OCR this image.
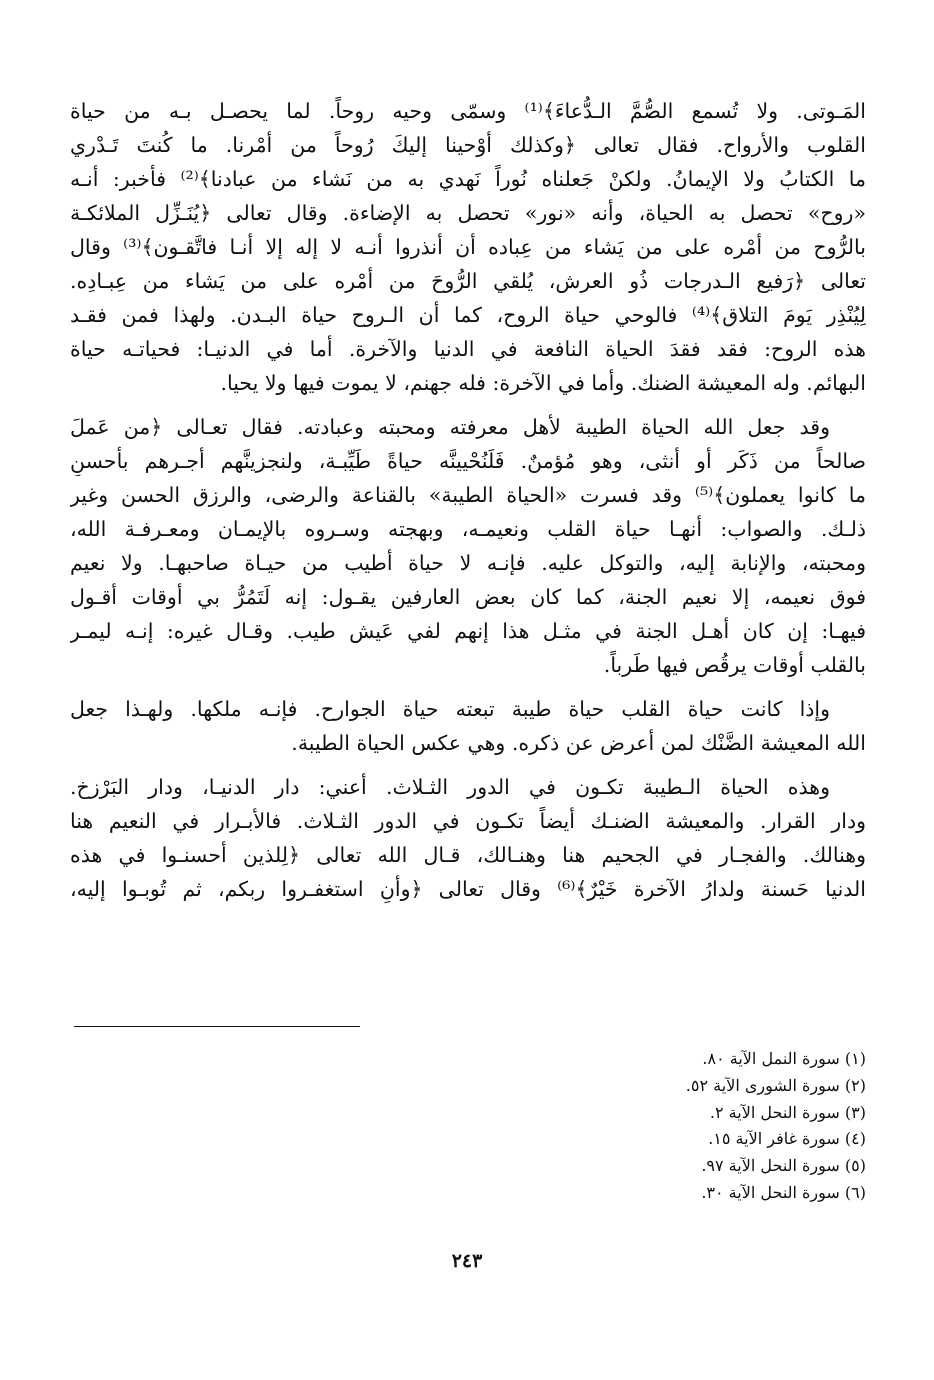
المَـوتى. ولا تُسمع الصُّمَّ الـدُّعاءَ﴾⁽¹⁾ وسمّى وحيه روحاً. لما يحصـل بـه من حياة
القلوب والأرواح. فقال تعالى ﴿وكذلك أوْحينا إليكَ رُوحاً من أمْرنا. ما كُنتَ تَـدْري
ما الكتابُ ولا الإيمانُ. ولكنْ جَعلناه نُوراً نَهدي به من نَشاء من عبادنا﴾⁽²⁾ فأخبر: أنـه
«روح» تحصل به الحياة، وأنه «نور» تحصل به الإضاءة. وقال تعالى ﴿يُنَـزِّل الملائكـة
بالرُّوح من أمْره على من يَشاء من عِباده أن أنذروا أنـه لا إله إلا أنـا فاتَّقـون﴾⁽³⁾ وقال
تعالى ﴿رَفيع الـدرجات ذُو العرش، يُلقي الرُّوحَ من أمْره على من يَشاء من عِبـادِه.
لِيُنْذِر يَومَ التلاق﴾⁽⁴⁾ فالوحي حياة الروح، كما أن الـروح حياة البـدن. ولهذا فمن فقـد
هذه الروح: فقد فقدَ الحياة النافعة في الدنيا والآخرة. أما في الدنيـا: فحياتـه حياة
البهائم. وله المعيشة الضنك. وأما في الآخرة: فله جهنم، لا يموت فيها ولا يحيا.
وقد جعل الله الحياة الطيبة لأهل معرفته ومحبته وعبادته. فقال تعـالى ﴿من عَملَ
صالحاً من ذَكَر أو أنثى، وهو مُؤمنٌ. فَلَنُحْيينَّه حياةً طَيِّبـة، ولنجزينَّهم أجـرهم بأحسنِ
ما كانوا يعملون﴾⁽⁵⁾ وقد فسرت «الحياة الطيبة» بالقناعة والرضى، والرزق الحسن وغير
ذلـك. والصواب: أنهـا حياة القلب ونعيمـه، وبهجته وسـروه بالإيمـان ومعـرفـة الله،
ومحبته، والإنابة إليه، والتوكل عليه. فإنـه لا حياة أطيب من حيـاة صاحبهـا. ولا نعيم
فوق نعيمه، إلا نعيم الجنة، كما كان بعض العارفين يقـول: إنه لَتَمُرُّ بي أوقات أقـول
فيهـا: إن كان أهـل الجنة في مثـل هذا إنهم لفي عَيش طيب. وقـال غيره: إنـه ليمـر
بالقلب أوقات يرقُص فيها طَرباً.
وإذا كانت حياة القلب حياة طيبة تبعته حياة الجوارح. فإنـه ملكها. ولهـذا جعل
الله المعيشة الضَّنْك لمن أعرض عن ذكره. وهي عكس الحياة الطيبة.
وهذه الحياة الـطيبة تكـون في الدور الثـلاث. أعني: دار الدنيـا، ودار البَرْزخ.
ودار القرار. والمعيشة الضنـك أيضاً تكـون في الدور الثـلاث. فالأبـرار في النعيم هنا
وهنالك. والفجـار في الجحيم هنا وهنـالك، قـال الله تعالى ﴿لِلذين أحسنـوا في هذه
الدنيا حَسنة ولدارُ الآخرة خَيْرٌ﴾⁽⁶⁾ وقال تعالى ﴿وأنِ استغفـروا ربكم، ثم تُوبـوا إليه،
(١) سورة النمل الآية ٨٠.
(٢) سورة الشورى الآية ٥٢.
(٣) سورة النحل الآية ٢.
(٤) سورة غافر الآية ١٥.
(٥) سورة النحل الآية ٩٧.
(٦) سورة النحل الآية ٣٠.
٢٤٣
